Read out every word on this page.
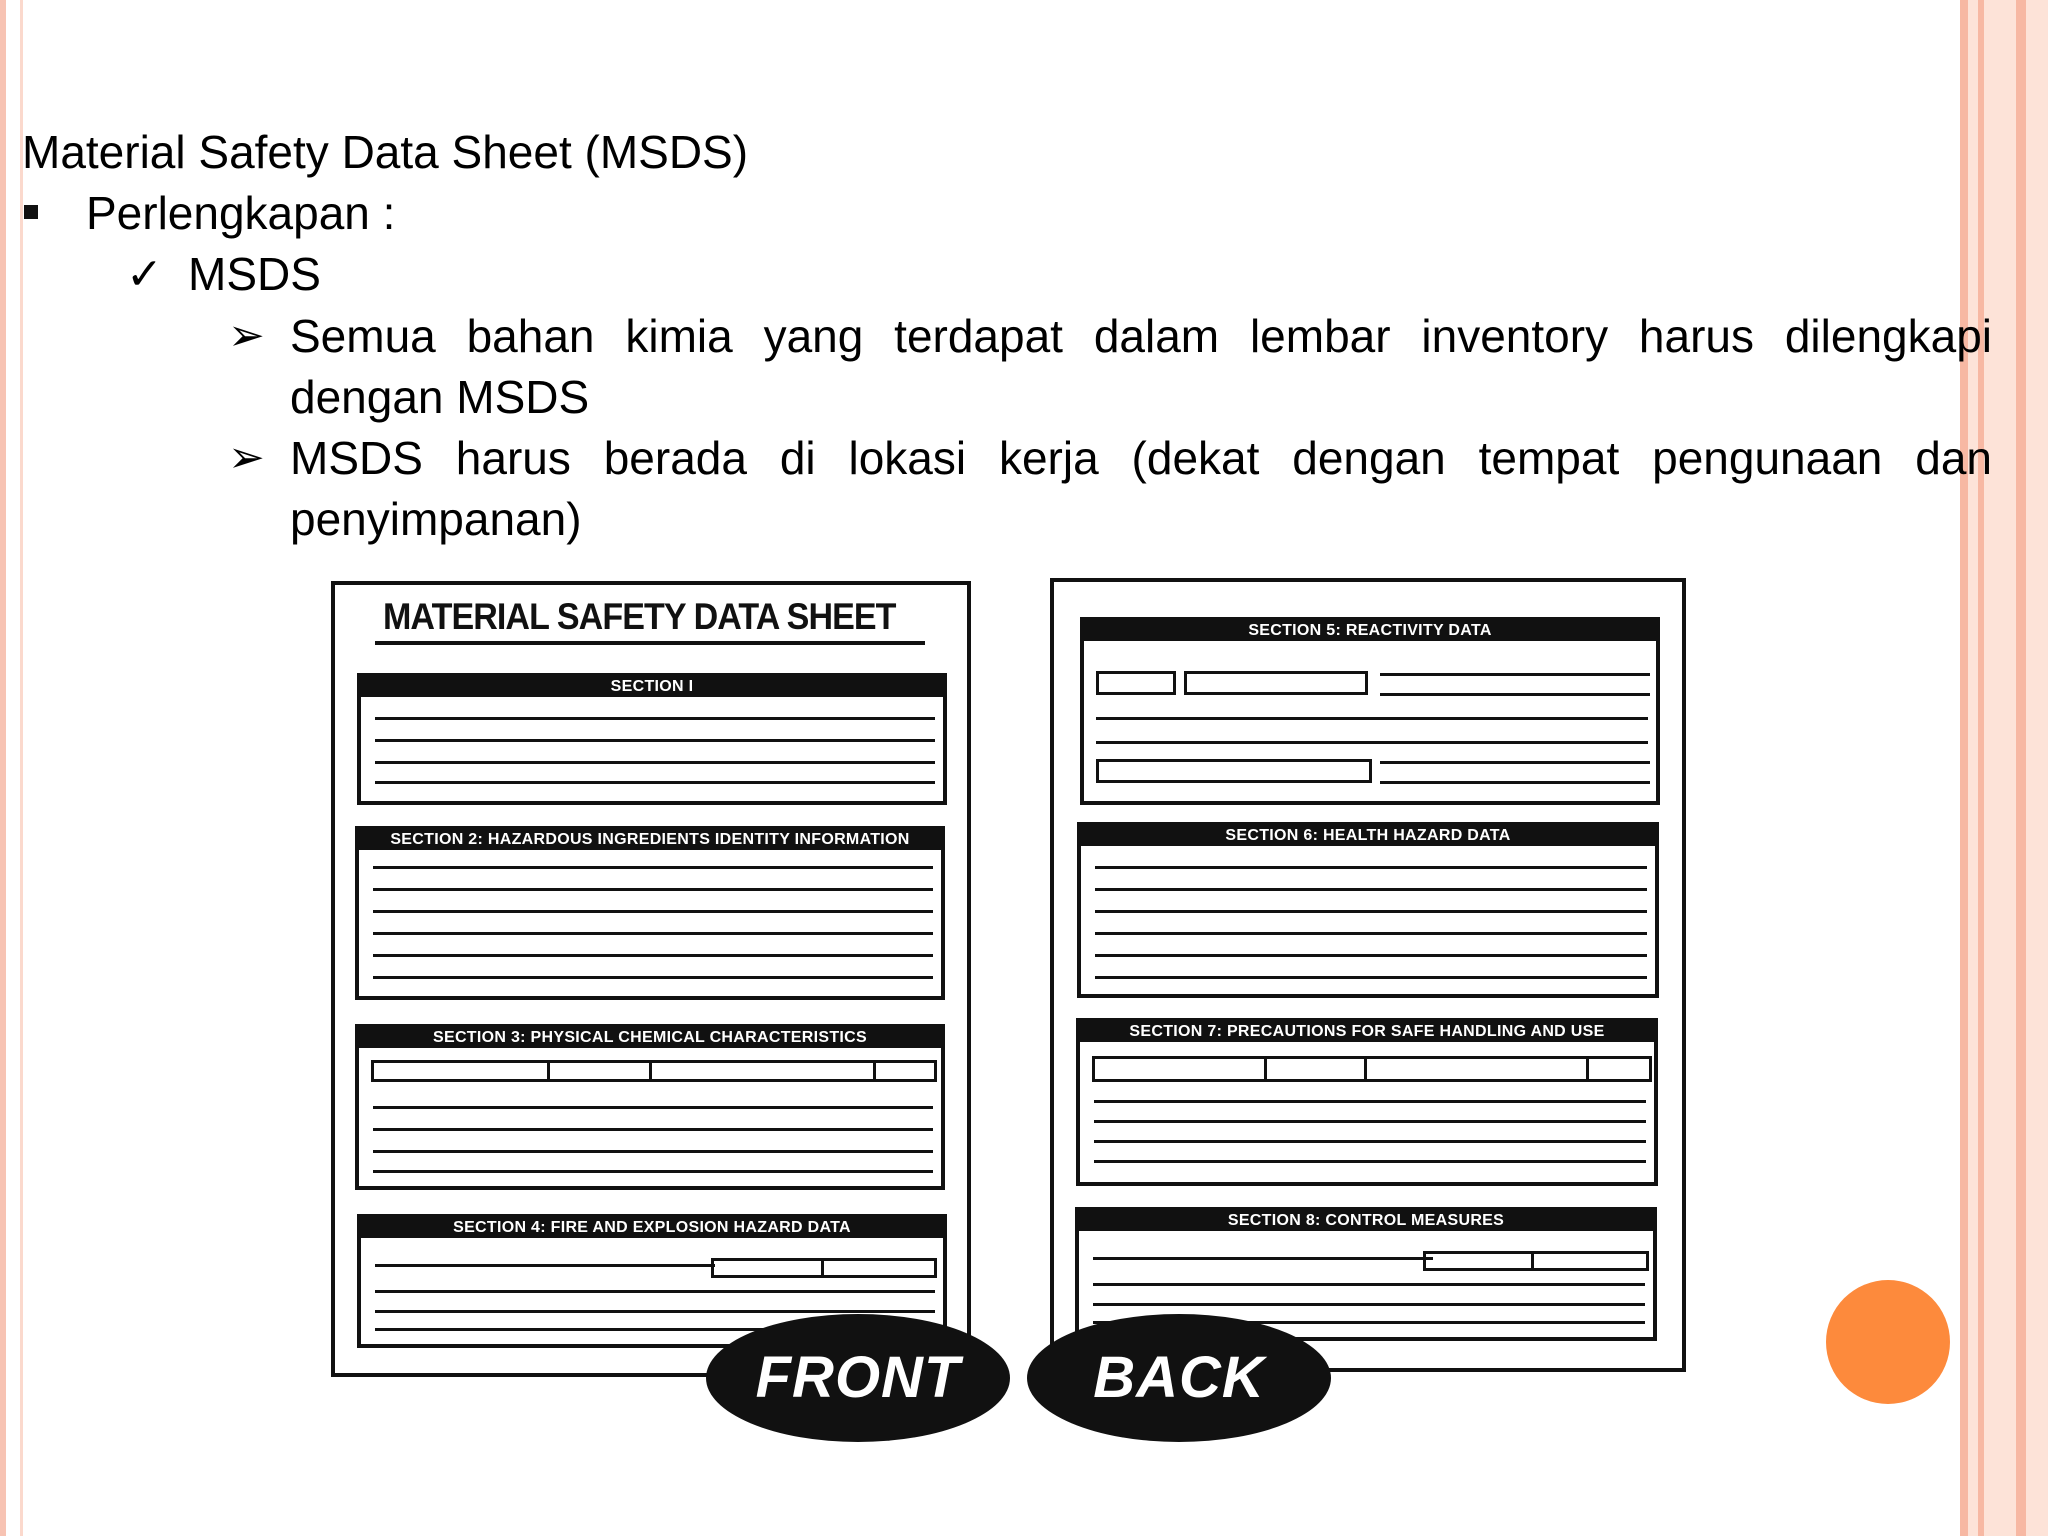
Material Safety Data Sheet (MSDS)
Perlengkapan :
✓ MSDS
➢ Semua bahan kimia yang terdapat dalam lembar inventory harus dilengkapi
dengan MSDS
➢ MSDS harus berada di lokasi kerja (dekat dengan tempat pengunaan dan
penyimpanan)
MATERIAL SAFETY DATA SHEET
SECTION I
SECTION 2: HAZARDOUS INGREDIENTS IDENTITY INFORMATION
SECTION 3: PHYSICAL CHEMICAL CHARACTERISTICS
SECTION 4: FIRE AND EXPLOSION HAZARD DATA
SECTION 5: REACTIVITY DATA
SECTION 6: HEALTH HAZARD DATA
SECTION 7: PRECAUTIONS FOR SAFE HANDLING AND USE
SECTION 8: CONTROL MEASURES
FRONT	BACK
